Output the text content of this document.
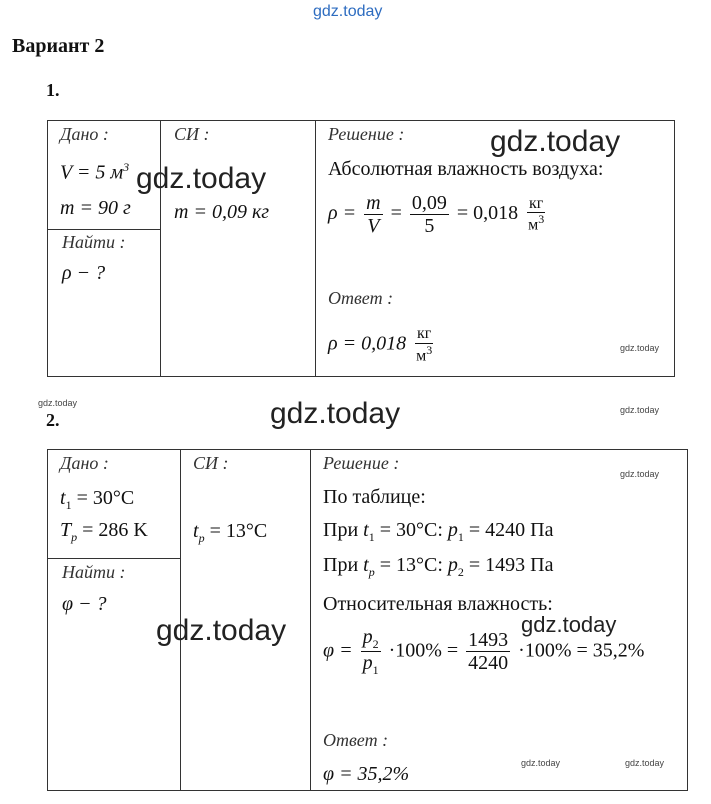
gdz.today
Вариант 2
1.
Дано :
V = 5 $м^3$
m = 90 г
Найти :
ρ − ?
СИ :
m = 0,09 кг
Решение :
Абсолютная влажность воздуха:
$\rho = \frac{m}{V} = \frac{0,09}{5} = 0,018 \frac{кг}{м^3}$
Ответ :
$\rho = 0,018 \frac{кг}{м^3}$
2.
Дано :
$t_1 = 30^\circ C$
$T_p = 286$ K
Найти :
φ − ?
СИ :
$t_p = 13^\circ C$
Решение :
По таблице:
При $t_1 = 30^\circ C$: $p_1 = 4240$ Па
При $t_p = 13^\circ C$: $p_2 = 1493$ Па
Относительная влажность:
$\varphi = \frac{p_2}{p_1} \cdot 100\% = \frac{1493}{4240} \cdot 100\% = 35,2\%$
Ответ :
φ = 35,2%
gdz.today
gdz.today
gdz.today
gdz.today	gdz.today	gdz.today
gdz.today
gdz.today	gdz.today
gdz.today	gdz.today
